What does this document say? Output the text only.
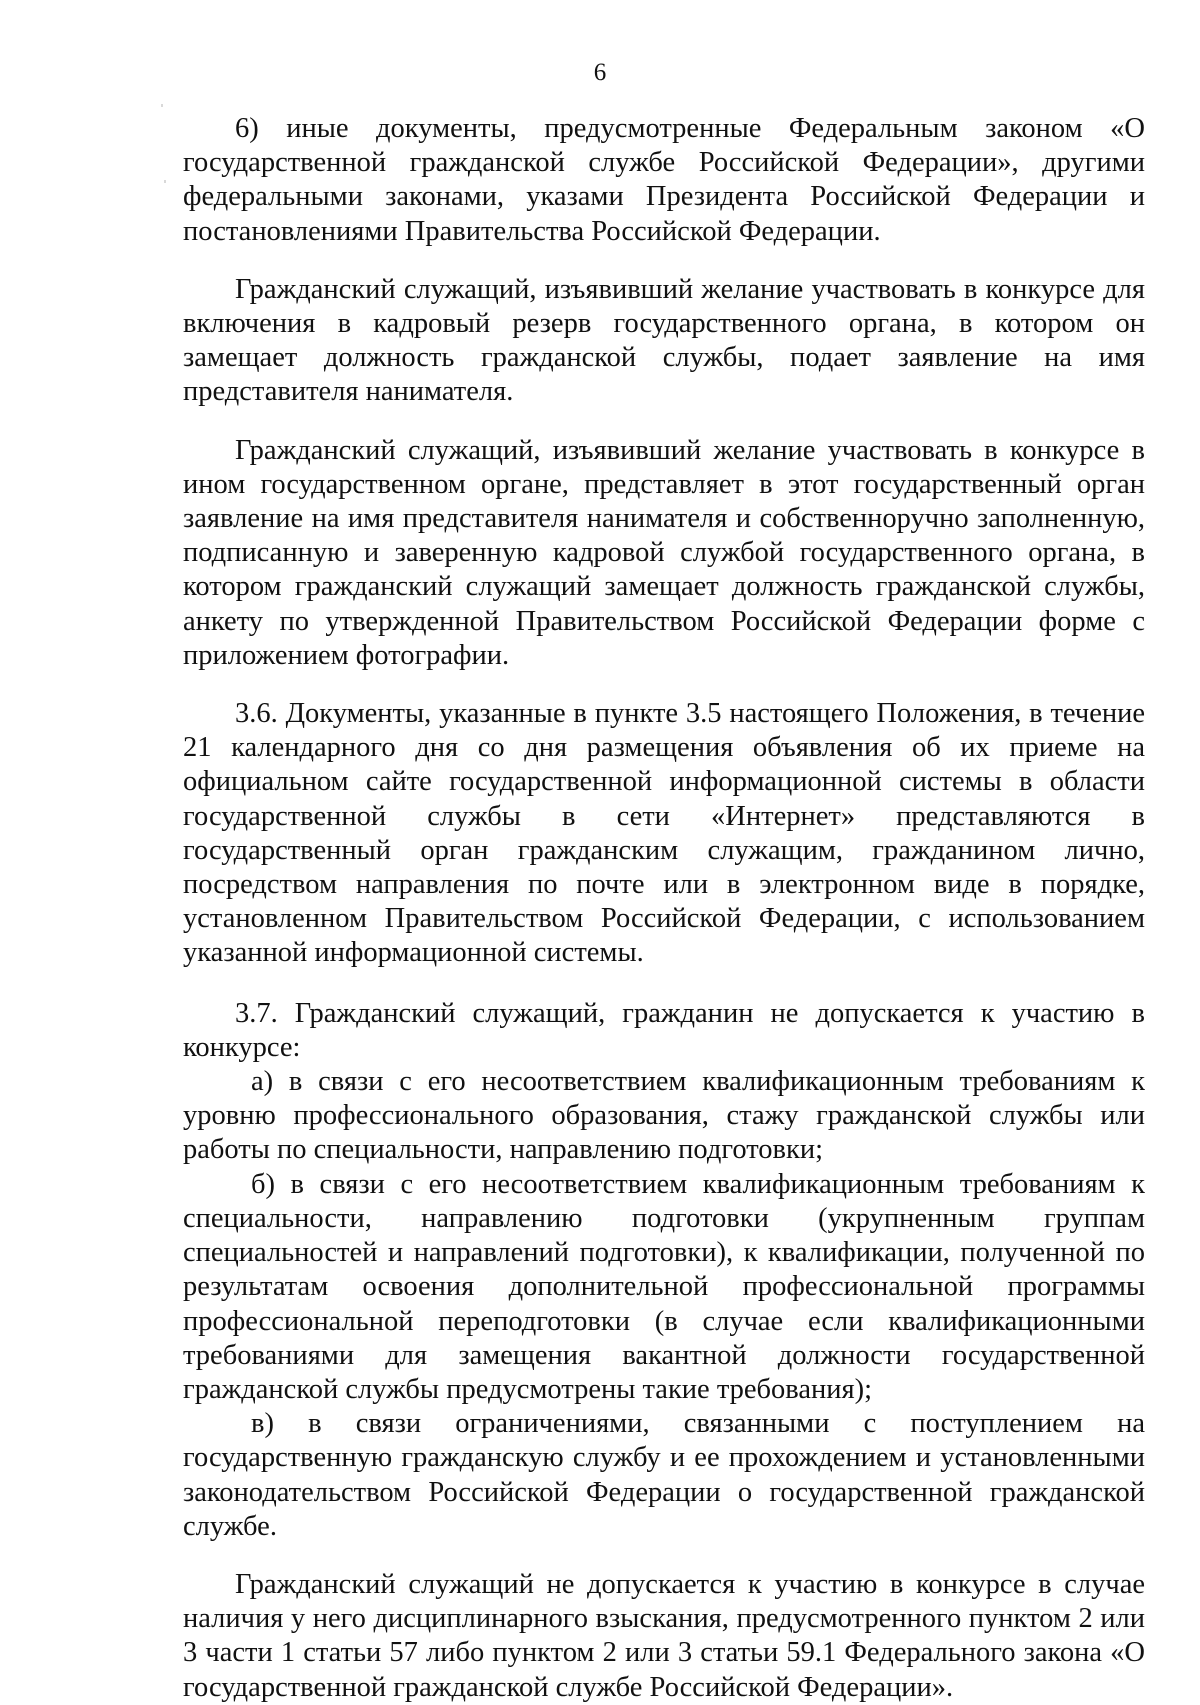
6

6) иные документы, предусмотренные Федеральным законом «О государственной гражданской службе Российской Федерации», другими федеральными законами, указами Президента Российской Федерации и постановлениями Правительства Российской Федерации.

Гражданский служащий, изъявивший желание участвовать в конкурсе для включения в кадровый резерв государственного органа, в котором он замещает должность гражданской службы, подает заявление на имя представителя нанимателя.

Гражданский служащий, изъявивший желание участвовать в конкурсе в ином государственном органе, представляет в этот государственный орган заявление на имя представителя нанимателя и собственноручно заполненную, подписанную и заверенную кадровой службой государственного органа, в котором гражданский служащий замещает должность гражданской службы, анкету по утвержденной Правительством Российской Федерации форме с приложением фотографии.

3.6. Документы, указанные в пункте 3.5 настоящего Положения, в течение 21 календарного дня со дня размещения объявления об их приеме на официальном сайте государственной информационной системы в области государственной службы в сети «Интернет» представляются в государственный орган гражданским служащим, гражданином лично, посредством направления по почте или в электронном виде в порядке, установленном Правительством Российской Федерации, с использованием указанной информационной системы.

3.7. Гражданский служащий, гражданин не допускается к участию в конкурсе:

а) в связи с его несоответствием квалификационным требованиям к уровню профессионального образования, стажу гражданской службы или работы по специальности, направлению подготовки;

б) в связи с его несоответствием квалификационным требованиям к специальности, направлению подготовки (укрупненным группам специальностей и направлений подготовки), к квалификации, полученной по результатам освоения дополнительной профессиональной программы профессиональной переподготовки (в случае если квалификационными требованиями для замещения вакантной должности государственной гражданской службы предусмотрены такие требования);

в) в связи ограничениями, связанными с поступлением на государственную гражданскую службу и ее прохождением и установленными законодательством Российской Федерации о государственной гражданской службе.

Гражданский служащий не допускается к участию в конкурсе в случае наличия у него дисциплинарного взыскания, предусмотренного пунктом 2 или 3 части 1 статьи 57 либо пунктом 2 или 3 статьи 59.1 Федерального закона «О государственной гражданской службе Российской Федерации».
